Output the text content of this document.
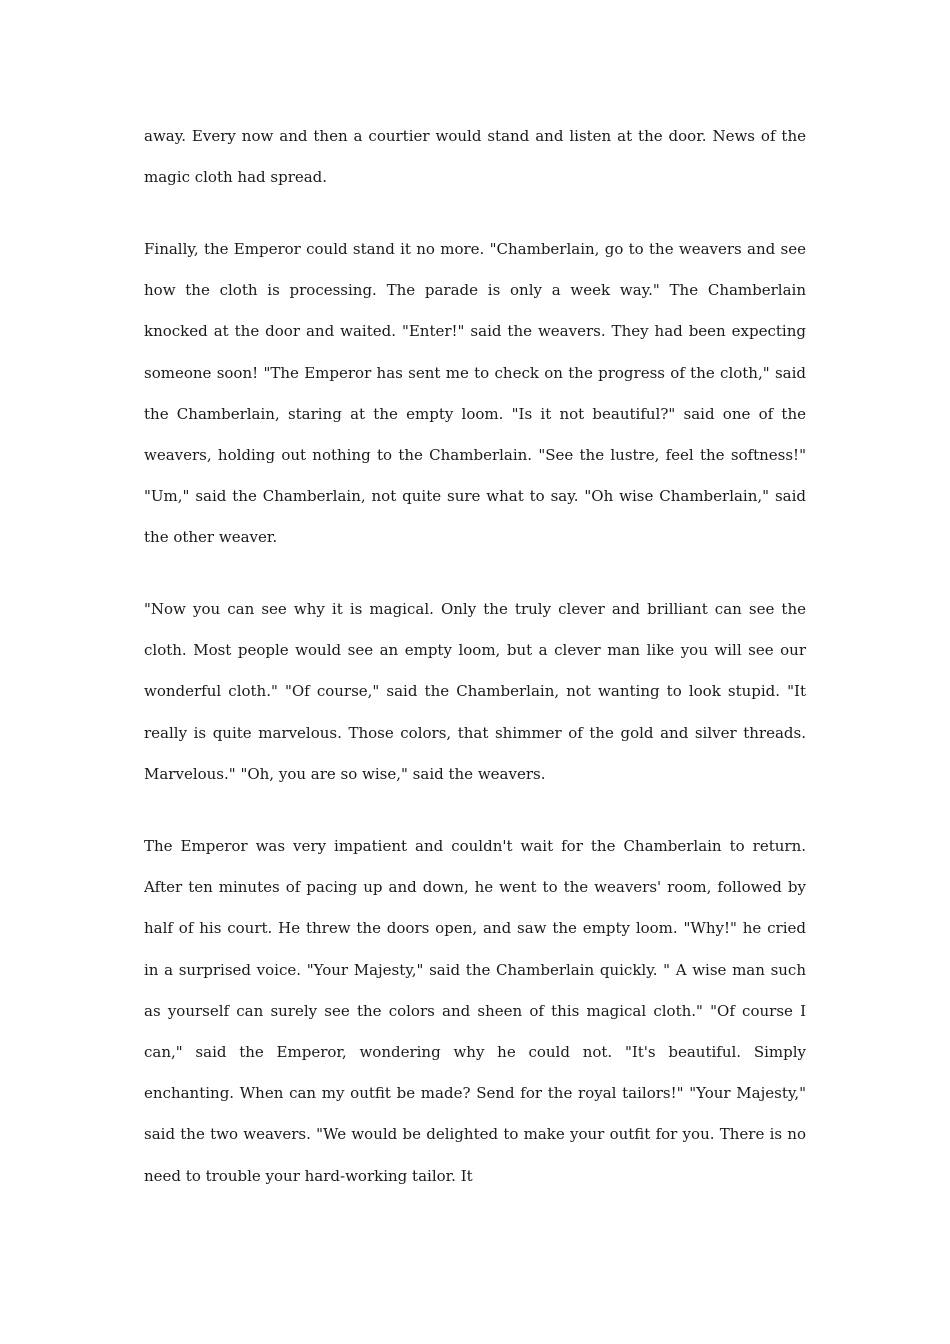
away. Every now and then a courtier would stand and listen at the door. News of the magic cloth had spread.

Finally, the Emperor could stand it no more. "Chamberlain, go to the weavers and see how the cloth is processing. The parade is only a week way." The Chamberlain knocked at the door and waited. "Enter!" said the weavers. They had been expecting someone soon! "The Emperor has sent me to check on the progress of the cloth," said the Chamberlain, staring at the empty loom. "Is it not beautiful?" said one of the weavers, holding out nothing to the Chamberlain. "See the lustre, feel the softness!" "Um," said the Chamberlain, not quite sure what to say. "Oh wise Chamberlain," said the other weaver.

"Now you can see why it is magical. Only the truly clever and brilliant can see the cloth. Most people would see an empty loom, but a clever man like you will see our wonderful cloth." "Of course," said the Chamberlain, not wanting to look stupid. "It really is quite marvelous. Those colors, that shimmer of the gold and silver threads. Marvelous." "Oh, you are so wise," said the weavers.

The Emperor was very impatient and couldn't wait for the Chamberlain to return. After ten minutes of pacing up and down, he went to the weavers' room, followed by half of his court. He threw the doors open, and saw the empty loom. "Why!" he cried in a surprised voice. "Your Majesty," said the Chamberlain quickly. " A wise man such as yourself can surely see the colors and sheen of this magical cloth." "Of course I can," said the Emperor, wondering why he could not. "It's beautiful. Simply enchanting. When can my outfit be made? Send for the royal tailors!" "Your Majesty," said the two weavers. "We would be delighted to make your outfit for you. There is no need to trouble your hard-working tailor. It
